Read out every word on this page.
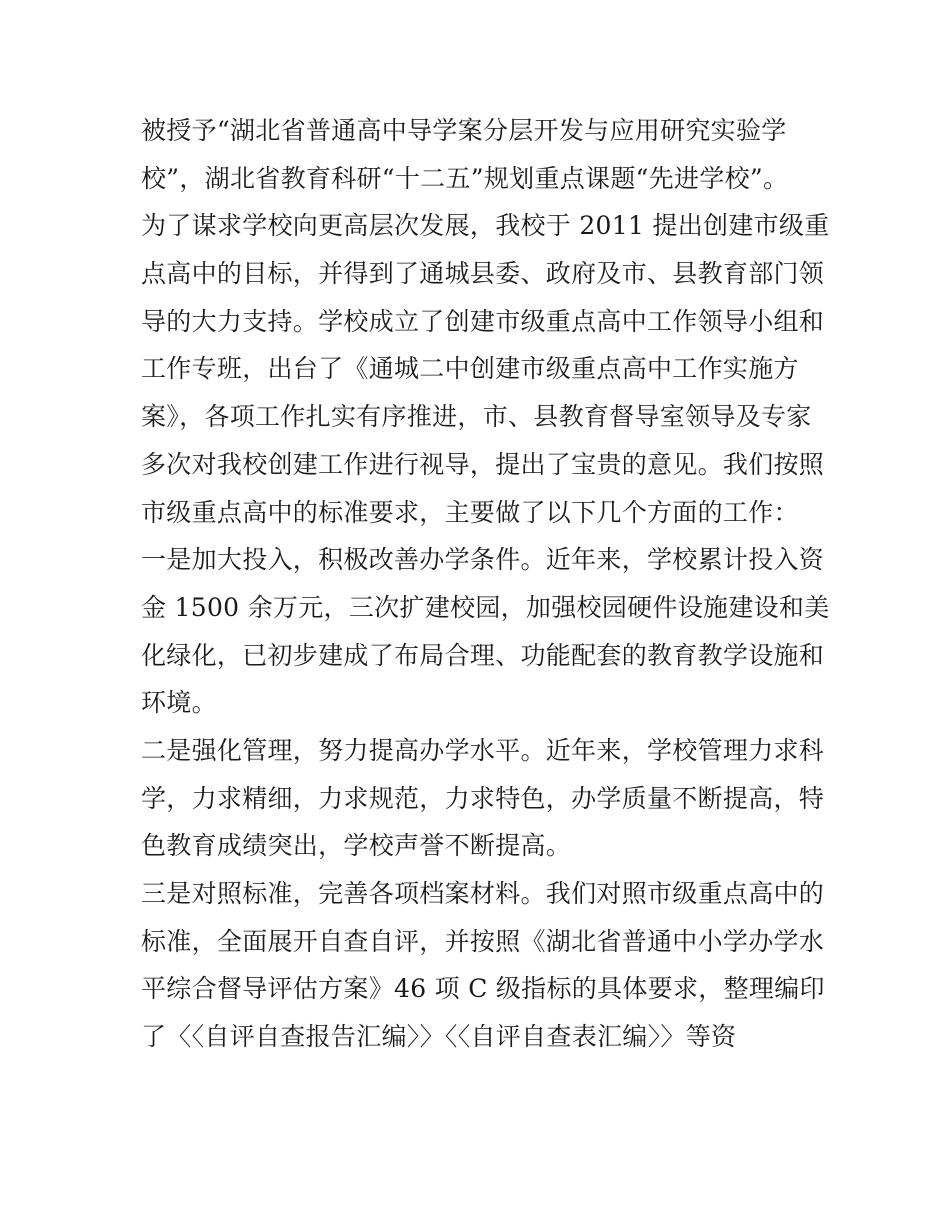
被授予“湖北省普通高中导学案分层开发与应用研究实验学
校”，湖北省教育科研“十二五”规划重点课题“先进学校”。
为了谋求学校向更高层次发展，我校于 2011 提出创建市级重
点高中的目标，并得到了通城县委、政府及市、县教育部门领
导的大力支持。学校成立了创建市级重点高中工作领导小组和
工作专班，出台了《通城二中创建市级重点高中工作实施方
案》，各项工作扎实有序推进，市、县教育督导室领导及专家
多次对我校创建工作进行视导，提出了宝贵的意见。我们按照
市级重点高中的标准要求，主要做了以下几个方面的工作：
一是加大投入，积极改善办学条件。近年来，学校累计投入资
金 1500 余万元，三次扩建校园，加强校园硬件设施建设和美
化绿化，已初步建成了布局合理、功能配套的教育教学设施和
环境。
二是强化管理，努力提高办学水平。近年来，学校管理力求科
学，力求精细，力求规范，力求特色，办学质量不断提高，特
色教育成绩突出，学校声誉不断提高。
三是对照标准，完善各项档案材料。我们对照市级重点高中的
标准，全面展开自查自评，并按照《湖北省普通中小学办学水
平综合督导评估方案》46 项 C 级指标的具体要求，整理编印
了〈〈自评自查报告汇编〉〉〈〈自评自查表汇编〉〉等资
